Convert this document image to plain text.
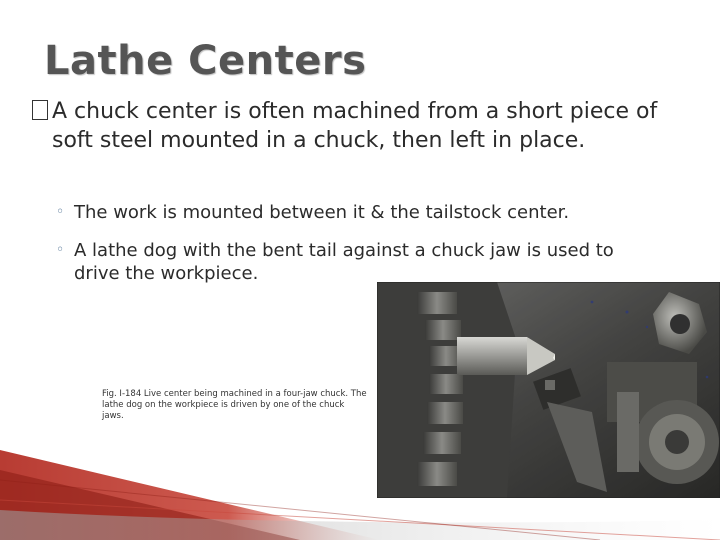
Lathe Centers
A chuck center is often machined from a short piece of soft steel mounted in a chuck, then left in place.
◦ The work is mounted between it & the tailstock center.
◦ A lathe dog with the bent tail against a chuck jaw is used to drive the workpiece.
Fig. I-184 Live center being machined in a four-jaw chuck. The lathe dog on the workpiece is driven by one of the chuck jaws.
